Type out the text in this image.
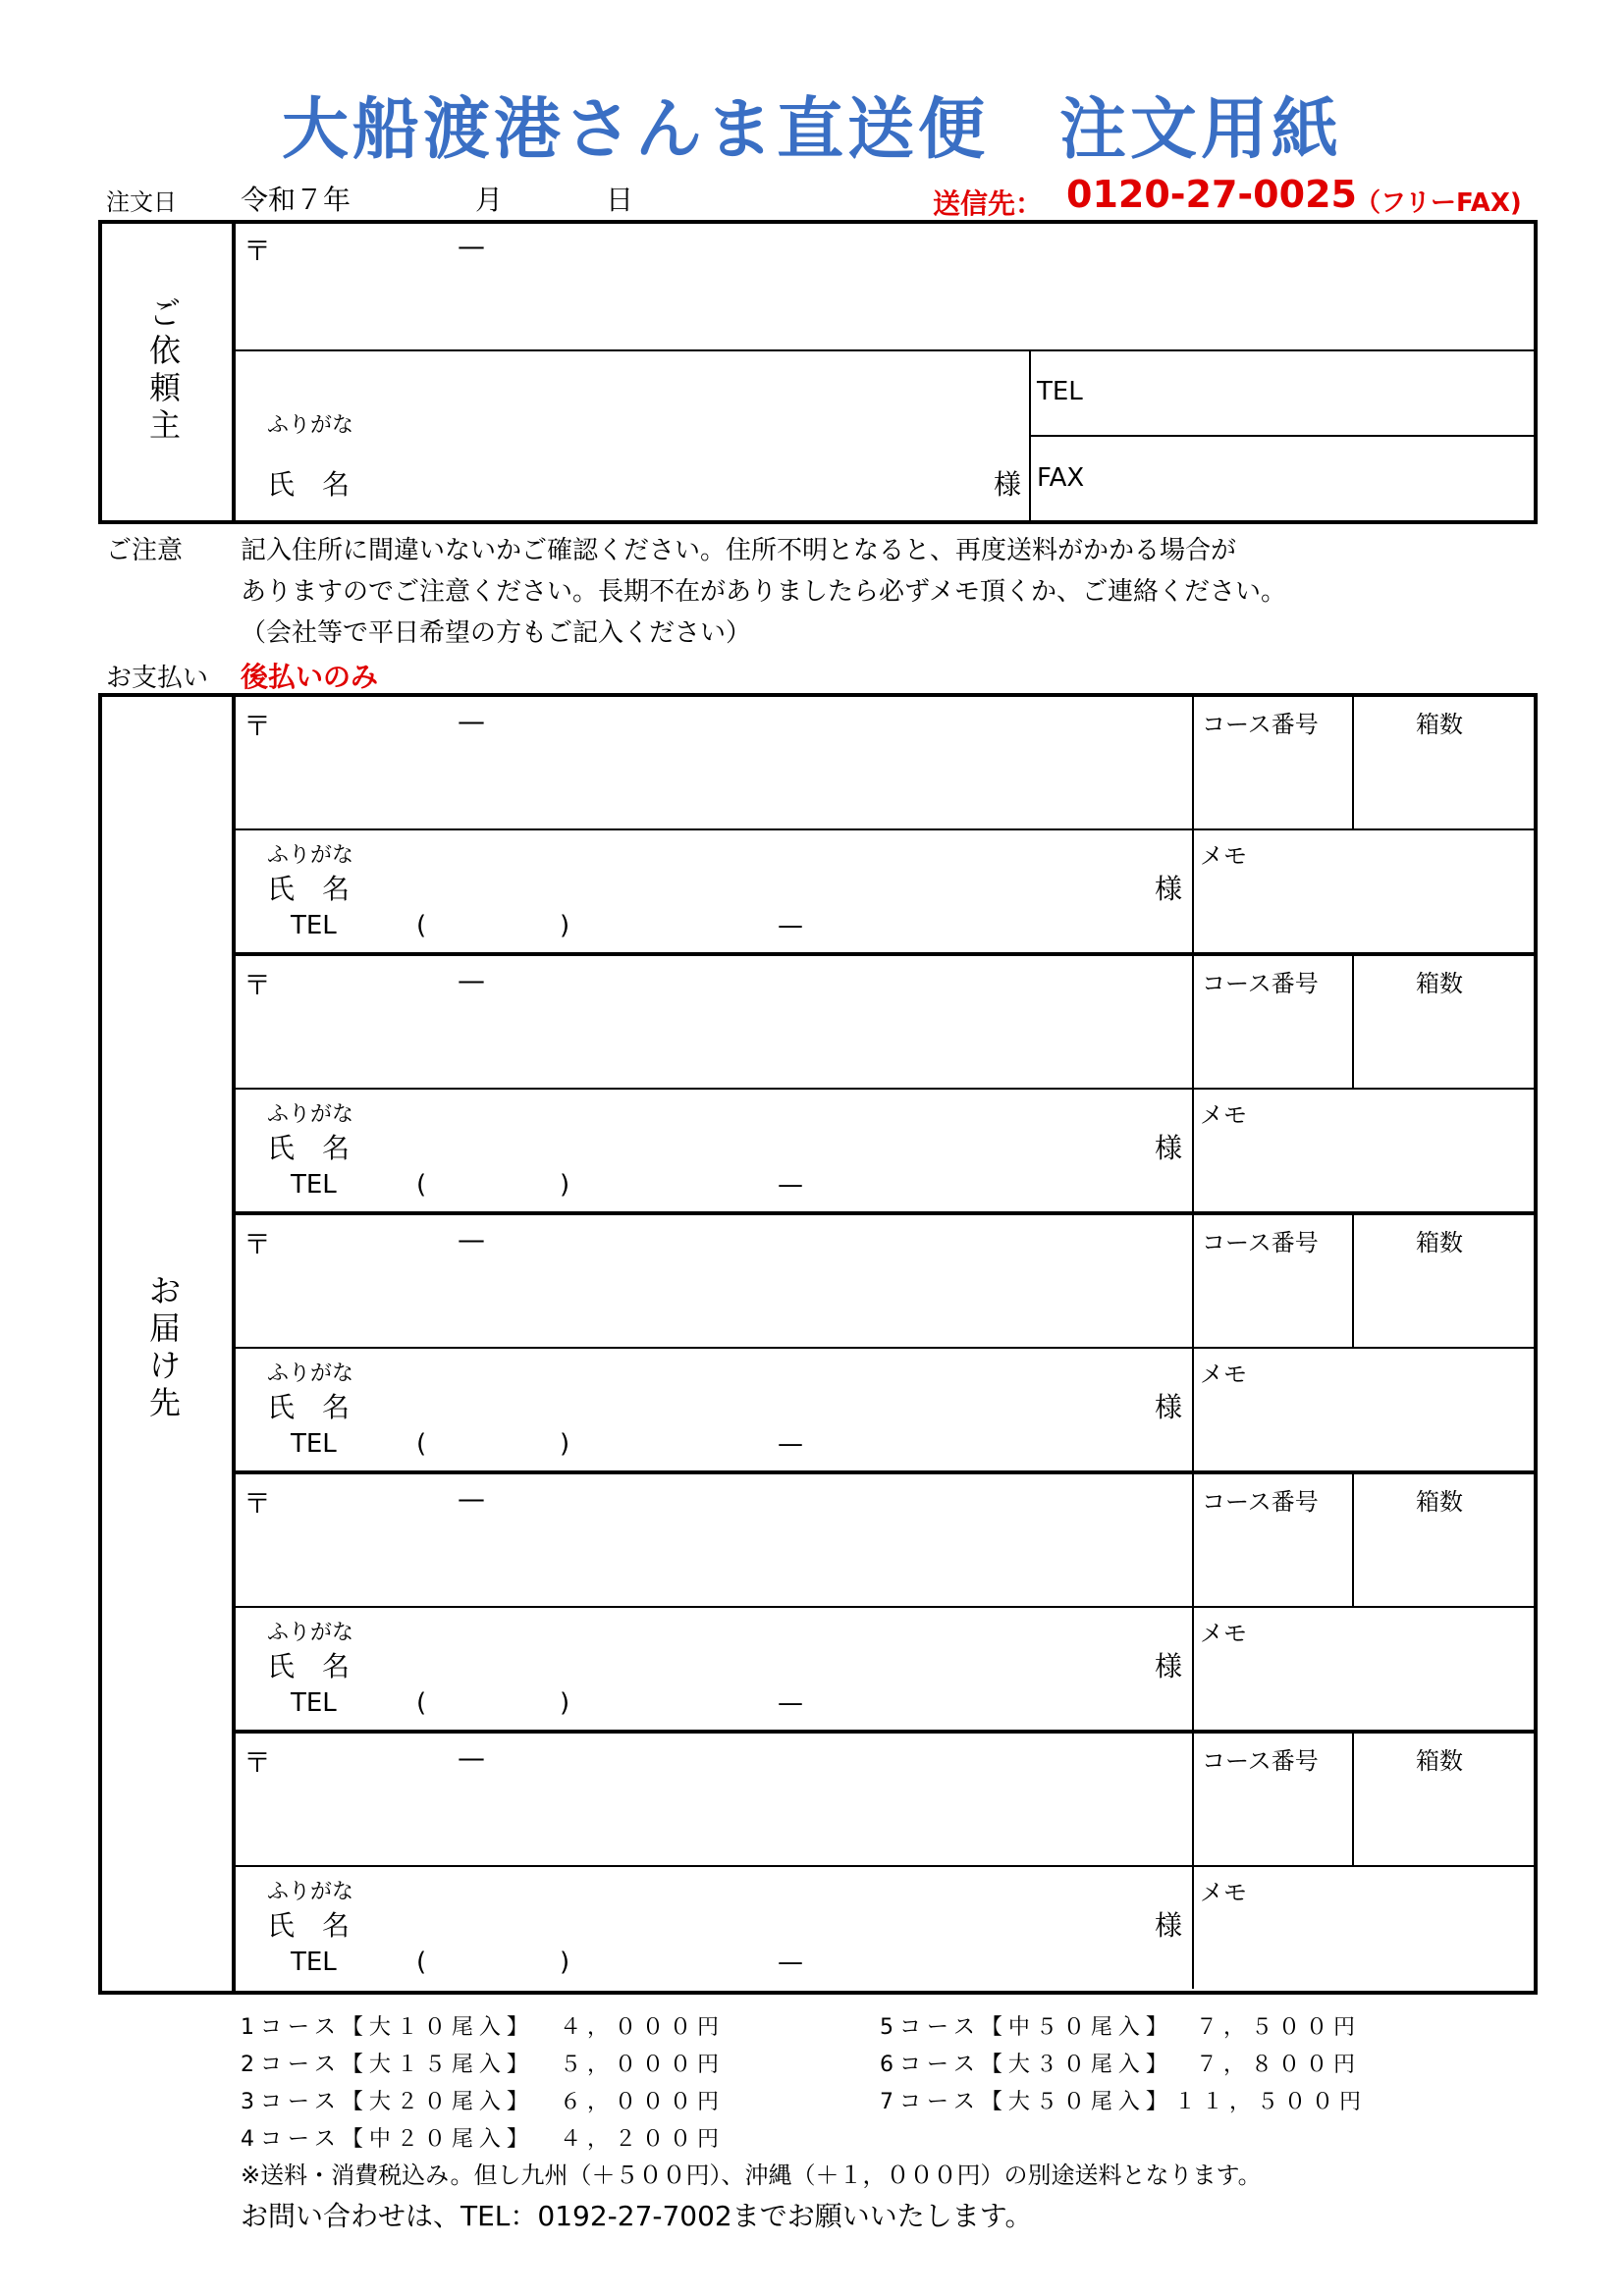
大船渡港さんま直送便　注文用紙
注文日 令和７年	月	日	送信先： 0120-27-0025
（フリーFAX)
ご依頼主
〒	—
ふりがな
氏　名	様
TEL
FAX
ご注意 記入住所に間違いないかご確認ください。住所不明となると、再度送料がかかる場合が
ありますのでご注意ください。長期不在がありましたら必ずメモ頂くか、ご連絡ください。
（会社等で平日希望の方もご記入ください）
お支払い 後払いのみ
お届け先
〒	—	コース番号	箱数
ふりがな
氏　名	様
TEL	(	)	—
メモ
〒	—	コース番号	箱数
ふりがな
氏　名	様
TEL	(	)	—
メモ
〒	—	コース番号	箱数
ふりがな
氏　名	様
TEL	(	)	—
メモ
〒	—	コース番号	箱数
ふりがな
氏　名	様
TEL	(	)	—
メモ
〒	—	コース番号	箱数
ふりがな
氏　名	様
TEL	(	)	—
メモ
1コース【大１０尾入】 ４，０００円
2コース【大１５尾入】 ５，０００円
3コース【大２０尾入】 ６，０００円
4コース【中２０尾入】 ４，２００円
5コース【中５０尾入】 ７，５００円
6コース【大３０尾入】 ７，８００円
7コース【大５０尾入】 １１，５００円
※送料・消費税込み。但し九州（＋５００円）、沖縄（＋１，０００円）の別途送料となります。
お問い合わせは、TEL：0192-27-7002までお願いいたします。
